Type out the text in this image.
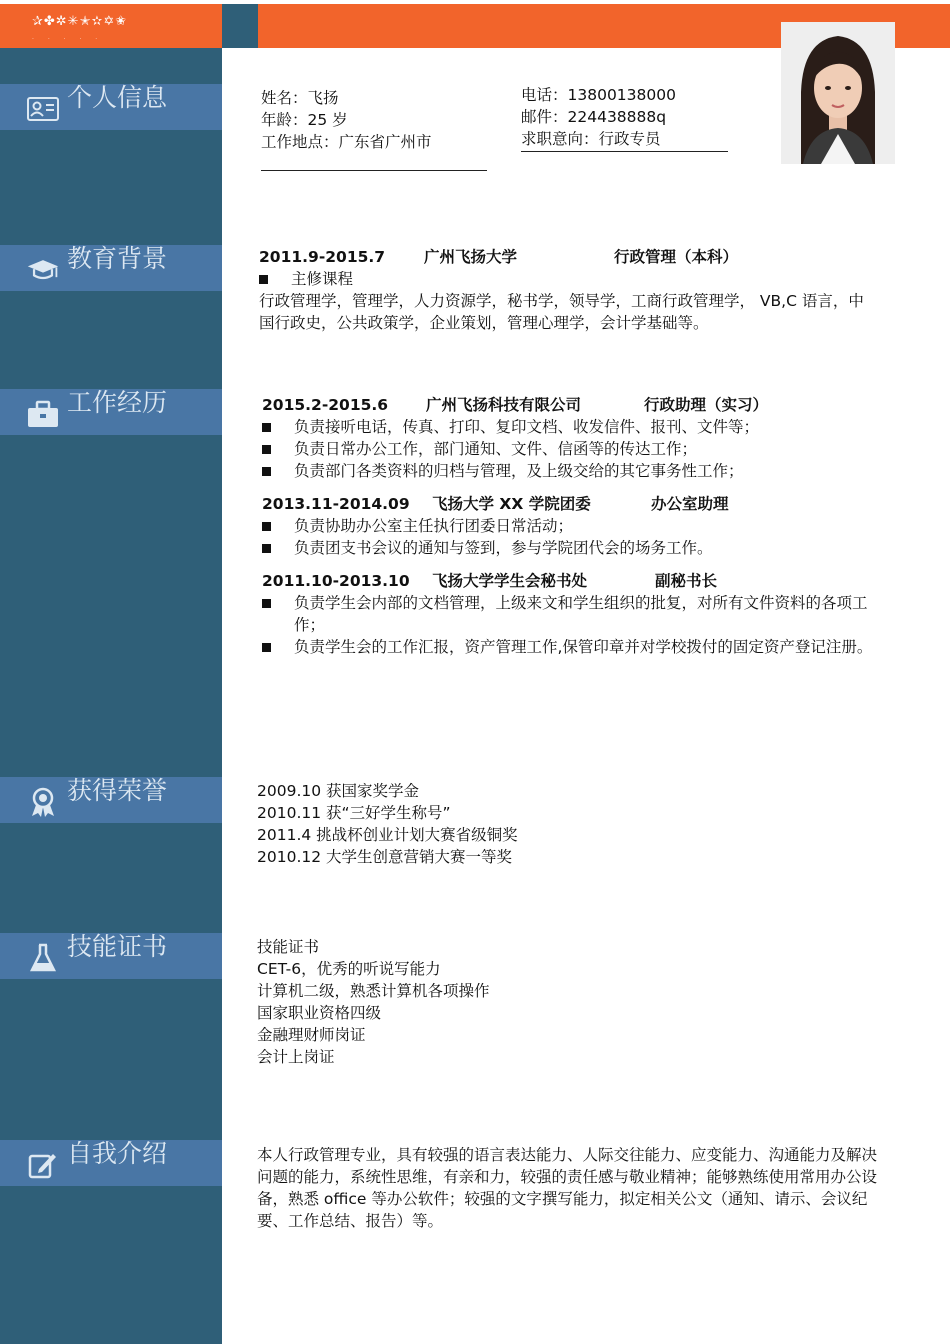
✰✤✲✳✭✫✡✬
· · · · ·
个人信息
教育背景
工作经历
获得荣誉
技能证书
自我介绍
姓名：飞扬
年龄：25 岁
工作地点：广东省广州市
电话：13800138000
邮件：224438888q
求职意向：行政专员
2011.9-2015.7	广州飞扬大学	行政管理（本科）
主修课程
行政管理学，管理学，人力资源学，秘书学，领导学，工商行政管理学， VB,C 语言，中国行政史，公共政策学，企业策划，管理心理学，会计学基础等。
2015.2-2015.6 广州飞扬科技有限公司	行政助理（实习）
负责接听电话，传真、打印、复印文档、收发信件、报刊、文件等；
负责日常办公工作，部门通知、文件、信函等的传达工作；
负责部门各类资料的归档与管理，及上级交给的其它事务性工作；
2013.11-2014.09 飞扬大学 XX 学院团委	办公室助理
负责协助办公室主任执行团委日常活动；
负责团支书会议的通知与签到，参与学院团代会的场务工作。
2011.10-2013.10 飞扬大学学生会秘书处	副秘书长
负责学生会内部的文档管理，上级来文和学生组织的批复，对所有文件资料的各项工
作；
负责学生会的工作汇报，资产管理工作,保管印章并对学校拨付的固定资产登记注册。
2009.10 获国家奖学金
2010.11 获“三好学生称号”
2011.4 挑战杯创业计划大赛省级铜奖
2010.12 大学生创意营销大赛一等奖
技能证书
CET-6，优秀的听说写能力
计算机二级，熟悉计算机各项操作
国家职业资格四级
金融理财师岗证
会计上岗证
本人行政管理专业，具有较强的语言表达能力、人际交往能力、应变能力、沟通能力及解决问题的能力，系统性思维，有亲和力，较强的责任感与敬业精神；能够熟练使用常用办公设备，熟悉 office 等办公软件；较强的文字撰写能力，拟定相关公文（通知、请示、会议纪要、工作总结、报告）等。
